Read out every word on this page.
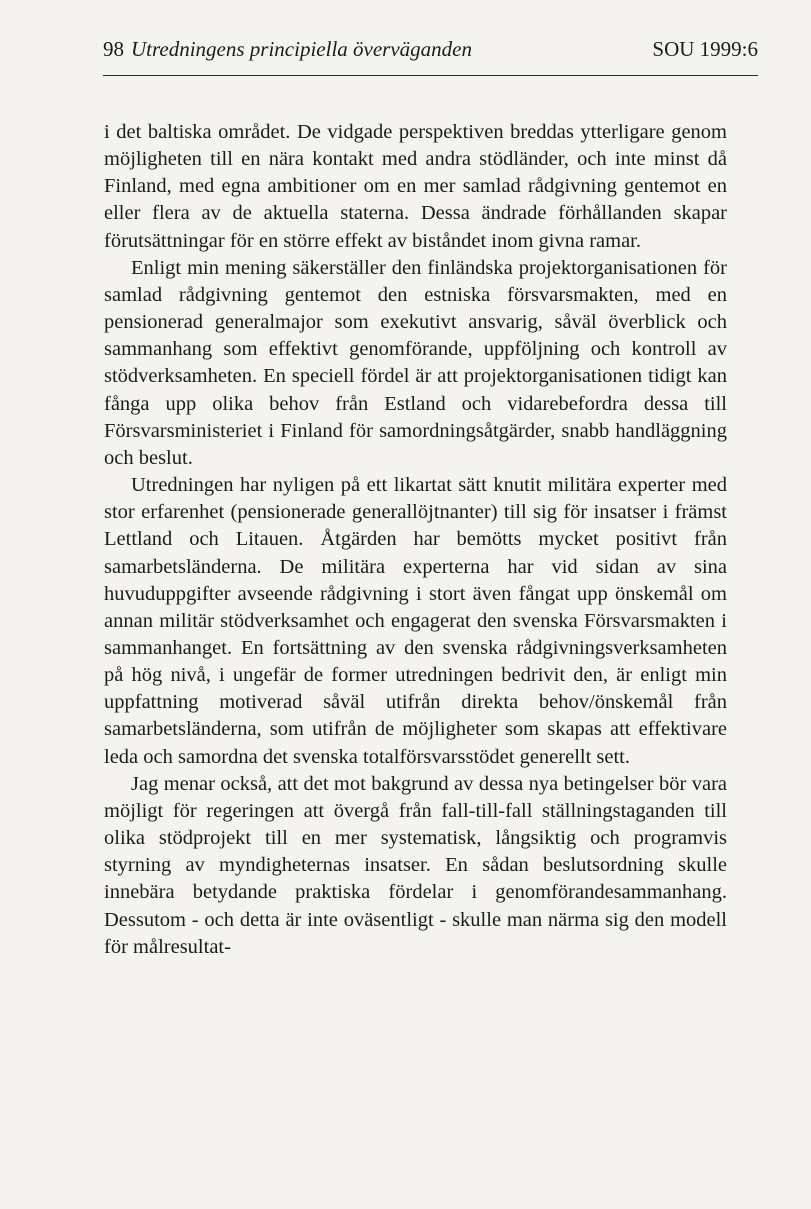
98 Utredningens principiella överväganden	SOU 1999:6

i det baltiska området. De vidgade perspektiven breddas ytterligare genom möjligheten till en nära kontakt med andra stödländer, och inte minst då Finland, med egna ambitioner om en mer samlad rådgivning gentemot en eller flera av de aktuella staterna. Dessa ändrade förhållanden skapar förutsättningar för en större effekt av biståndet inom givna ramar.

Enligt min mening säkerställer den finländska projektorganisationen för samlad rådgivning gentemot den estniska försvarsmakten, med en pensionerad generalmajor som exekutivt ansvarig, såväl överblick och sammanhang som effektivt genomförande, uppföljning och kontroll av stödverksamheten. En speciell fördel är att projektorganisationen tidigt kan fånga upp olika behov från Estland och vidarebefordra dessa till Försvarsministeriet i Finland för samordningsåtgärder, snabb handläggning och beslut.

Utredningen har nyligen på ett likartat sätt knutit militära experter med stor erfarenhet (pensionerade generallöjtnanter) till sig för insatser i främst Lettland och Litauen. Åtgärden har bemötts mycket positivt från samarbetsländerna. De militära experterna har vid sidan av sina huvuduppgifter avseende rådgivning i stort även fångat upp önskemål om annan militär stödverksamhet och engagerat den svenska Försvarsmakten i sammanhanget. En fortsättning av den svenska rådgivningsverksamheten på hög nivå, i ungefär de former utredningen bedrivit den, är enligt min uppfattning motiverad såväl utifrån direkta behov/önskemål från samarbetsländerna, som utifrån de möjligheter som skapas att effektivare leda och samordna det svenska totalförsvarsstödet generellt sett.

Jag menar också, att det mot bakgrund av dessa nya betingelser bör vara möjligt för regeringen att övergå från fall-till-fall ställningstaganden till olika stödprojekt till en mer systematisk, långsiktig och programvis styrning av myndigheternas insatser. En sådan beslutsordning skulle innebära betydande praktiska fördelar i genomförandesammanhang. Dessutom - och detta är inte oväsentligt - skulle man närma sig den modell för målresultat-
